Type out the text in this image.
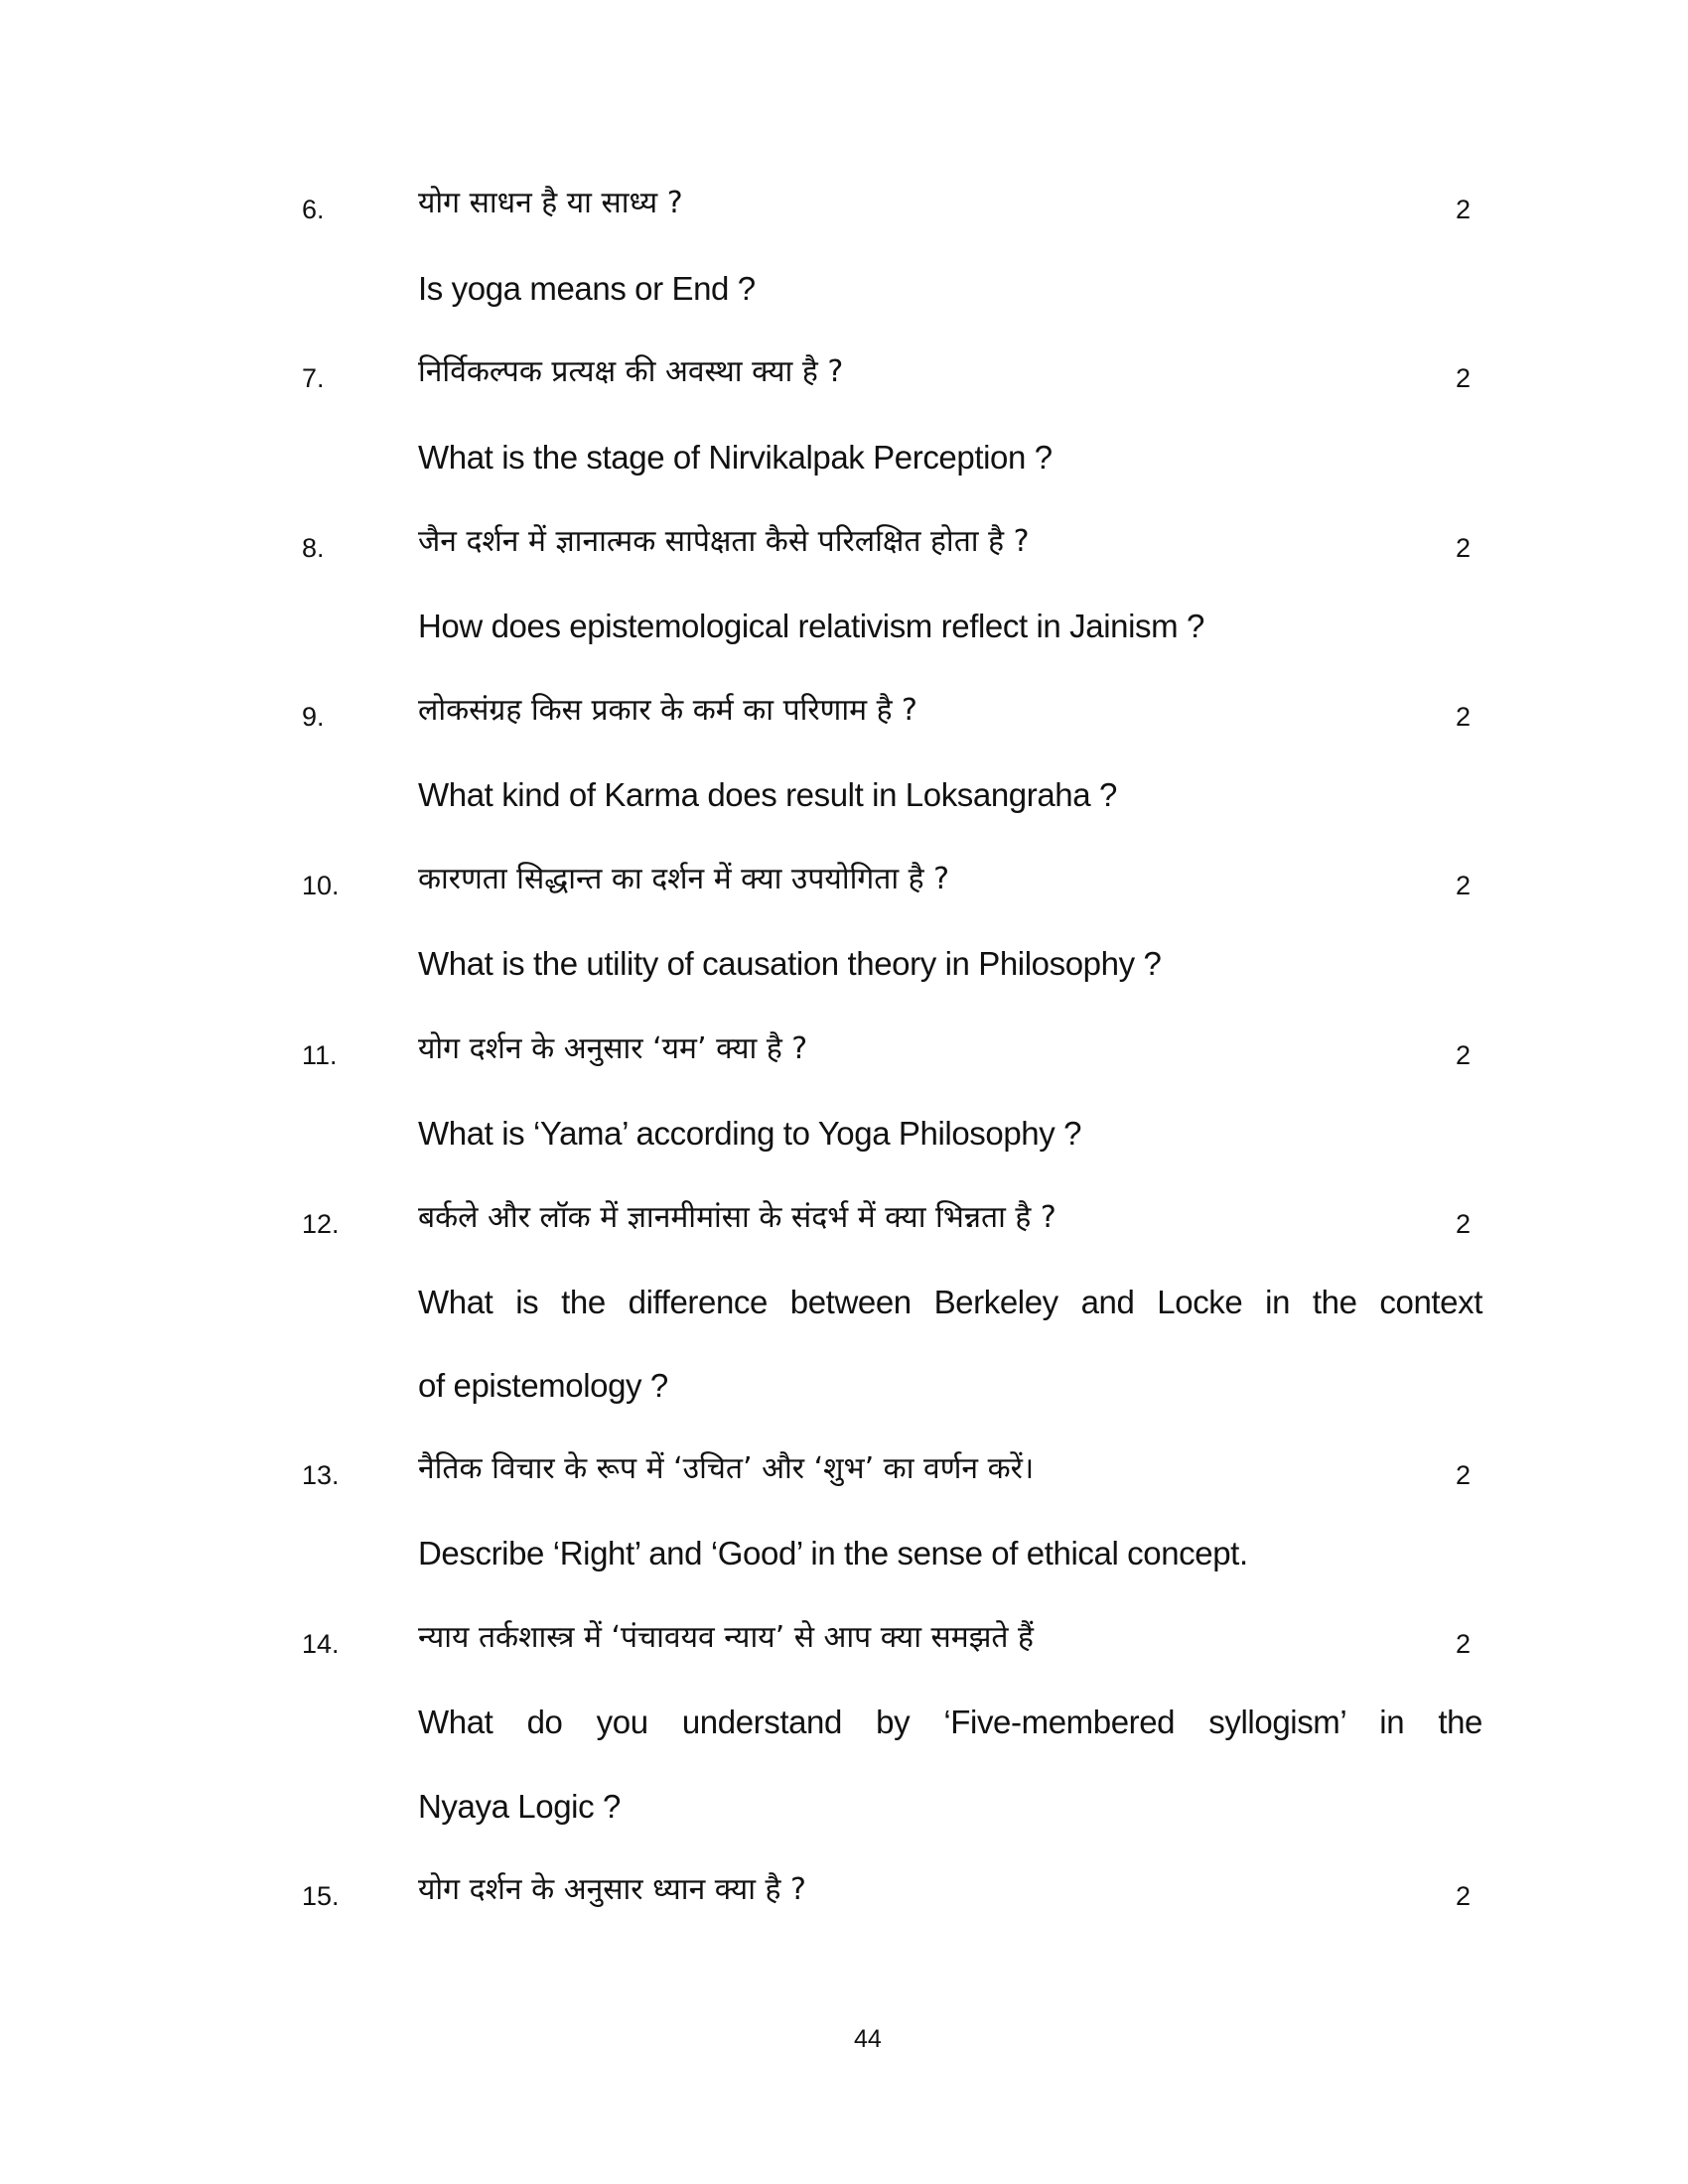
6.	योग साधन है या साध्य ?	2
Is yoga means or End ?
7.	निर्विकल्पक प्रत्यक्ष की अवस्था क्या है ?	2
What is the stage of Nirvikalpak Perception ?
8.	जैन दर्शन में ज्ञानात्मक सापेक्षता कैसे परिलक्षित होता है ?	2
How does epistemological relativism reflect in Jainism ?
9.	लोकसंग्रह किस प्रकार के कर्म का परिणाम है ?	2
What kind of Karma does result in Loksangraha ?
10.	कारणता सिद्धान्त का दर्शन में क्या उपयोगिता है ?	2
What is the utility of causation theory in Philosophy ?
11.	योग दर्शन के अनुसार ‘यम’ क्या है ?	2
What is ‘Yama’ according to Yoga Philosophy ?
12.	बर्कले और लॉक में ज्ञानमीमांसा के संदर्भ में क्या भिन्नता है ?	2
What is the difference between Berkeley and Locke in the context
of epistemology ?
13.	नैतिक विचार के रूप में ‘उचित’ और ‘शुभ’ का वर्णन करें।	2
Describe ‘Right’ and ‘Good’ in the sense of ethical concept.
14.	न्याय तर्कशास्त्र में ‘पंचावयव न्याय’ से आप क्या समझते हैं	2
What do you understand by ‘Five-membered syllogism’ in the
Nyaya Logic ?
15.	योग दर्शन के अनुसार ध्यान क्या है ?	2
44
